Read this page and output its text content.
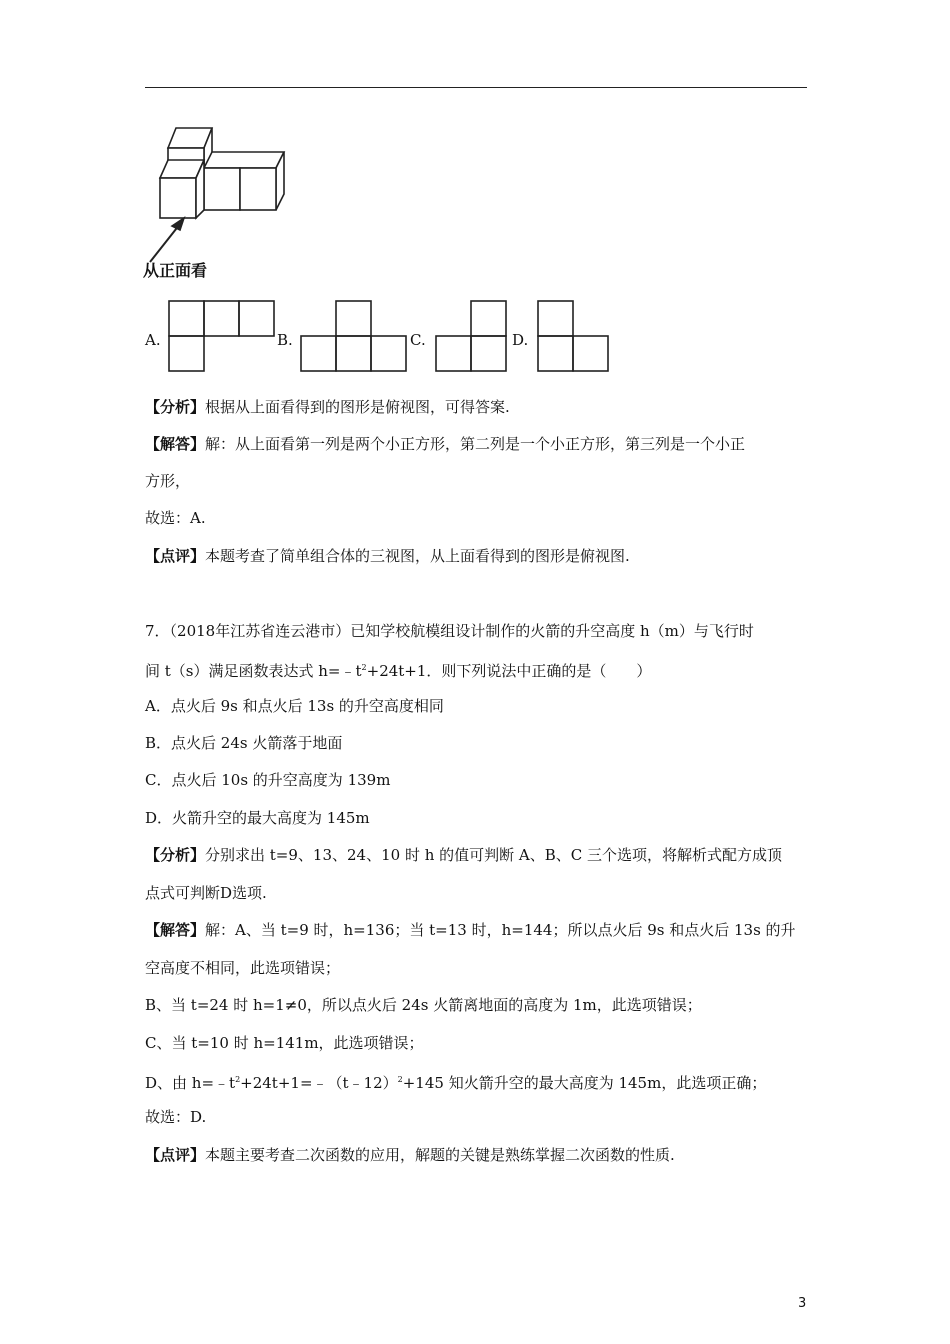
从正面看
A.	B.	C.	D.
【分析】根据从上面看得到的图形是俯视图，可得答案.
【解答】解：从上面看第一列是两个小正方形，第二列是一个小正方形，第三列是一个小正
方形，
故选：A.
【点评】本题考查了简单组合体的三视图，从上面看得到的图形是俯视图.
7．（2018年江苏省连云港市）已知学校航模组设计制作的火箭的升空高度 h（m）与飞行时
间 t（s）满足函数表达式 $h=﹣t^2+24t+1$．则下列说法中正确的是（　　）
A．点火后 9s 和点火后 13s 的升空高度相同
B．点火后 24s 火箭落于地面
C．点火后 10s 的升空高度为 139m
D．火箭升空的最大高度为 145m
【分析】分别求出 t=9、13、24、10 时 h 的值可判断 A、B、C 三个选项，将解析式配方成顶
点式可判断D选项.
【解答】解：A、当 t=9 时，h=136；当 t=13 时，h=144；所以点火后 9s 和点火后 13s 的升
空高度不相同，此选项错误；
B、当 t=24 时 h=1≠0，所以点火后 24s 火箭离地面的高度为 1m，此选项错误；
C、当 t=10 时 h=141m，此选项错误；
D、由 $h=﹣t^2+24t+1=﹣(t﹣12)^2+145$ 知火箭升空的最大高度为 145m，此选项正确；
故选：D.
【点评】本题主要考查二次函数的应用，解题的关键是熟练掌握二次函数的性质.
3
